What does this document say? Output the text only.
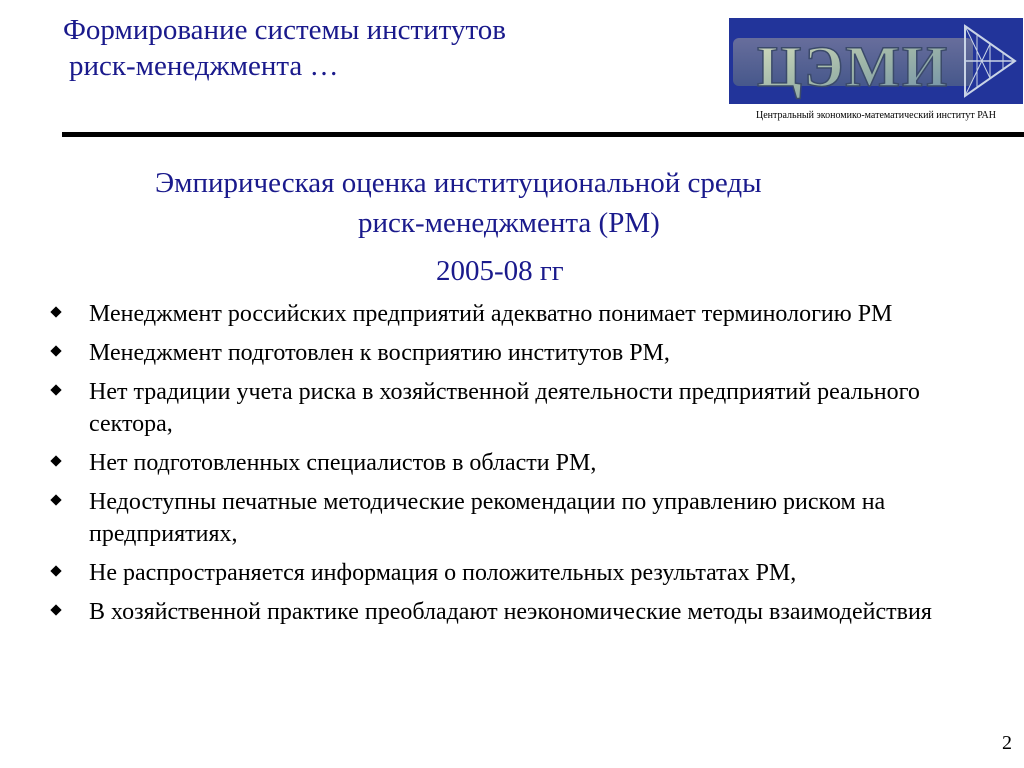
Формирование системы институтов
риск-менеджмента …	ЦЭМИ
Центральный экономико-математический институт РАН
Эмпирическая оценка институциональной среды
риск-менеджмента (РМ)
2005-08 гг
Менеджмент российских предприятий адекватно понимает терминологию РМ
Менеджмент подготовлен к восприятию институтов РМ,
Нет традиции учета риска в хозяйственной деятельности предприятий реального сектора,
Нет подготовленных специалистов в области РМ,
Недоступны печатные методические рекомендации по управлению риском на предприятиях,
Не распространяется информация о положительных результатах РМ,
В хозяйственной практике преобладают неэкономические методы взаимодействия
2
